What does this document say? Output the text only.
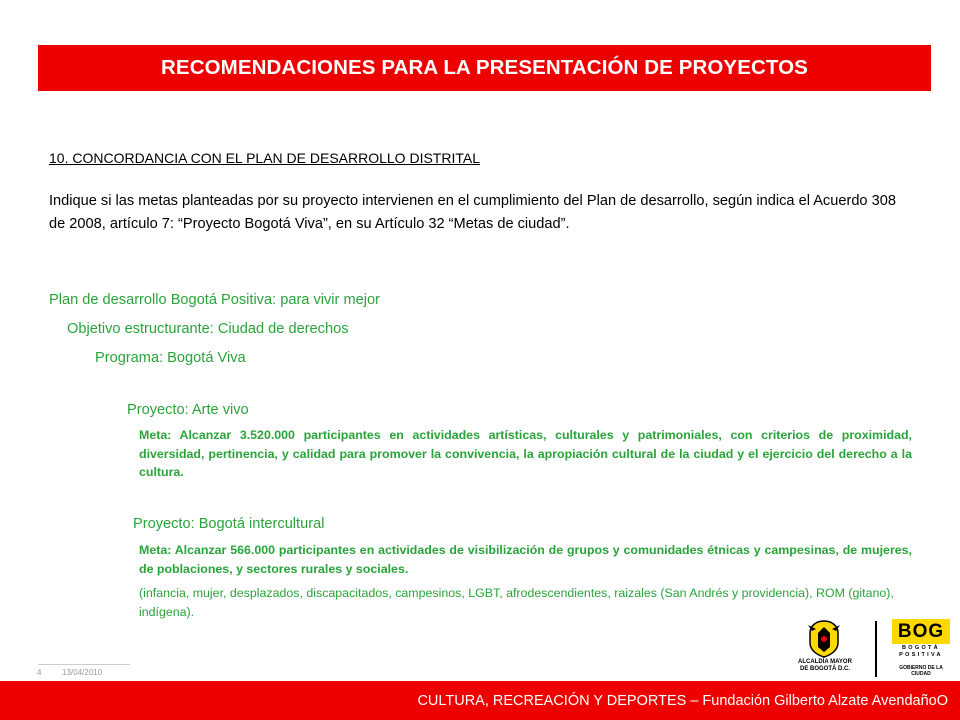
RECOMENDACIONES PARA LA PRESENTACIÓN DE PROYECTOS
10. CONCORDANCIA CON EL PLAN DE DESARROLLO DISTRITAL
Indique si las metas planteadas por su proyecto intervienen en el cumplimiento del Plan de desarrollo, según indica el Acuerdo 308 de 2008, artículo 7: “Proyecto Bogotá Viva”, en su Artículo 32 “Metas de ciudad”.
Plan de desarrollo Bogotá Positiva: para vivir mejor
Objetivo estructurante: Ciudad de derechos
Programa: Bogotá Viva
Proyecto: Arte vivo
Meta: Alcanzar 3.520.000 participantes en actividades artísticas, culturales y patrimoniales, con criterios de proximidad, diversidad, pertinencia, y calidad para promover la convivencia, la apropiación cultural de la ciudad y el ejercicio del derecho a la cultura.
Proyecto: Bogotá intercultural
Meta: Alcanzar 566.000 participantes en actividades de visibilización de grupos y comunidades étnicas y campesinas, de mujeres, de poblaciones, y sectores rurales y sociales.
(infancia, mujer, desplazados, discapacitados, campesinos, LGBT, afrodescendientes, raizales (San Andrés y providencia), ROM (gitano), indígena).
4	13/04/2010
ALCALDÍA MAYOR DE BOGOTÁ D.C.
BOG
BOGOTÁ POSITIVA
GOBIERNO DE LA CIUDAD
CULTURA, RECREACIÓN Y DEPORTES – Fundación Gilberto Alzate AvendañoO
